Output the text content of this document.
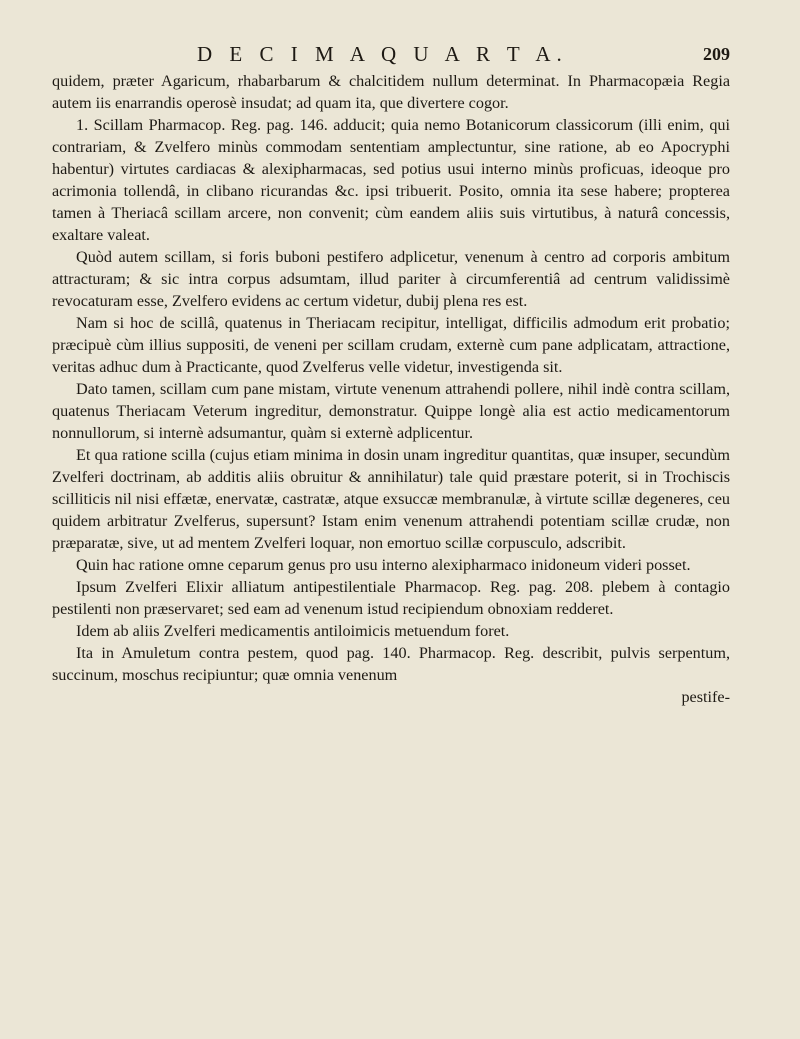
D E C I M A Q U A R T A.	209

quidem, præter Agaricum, rhabarbarum & chalcitidem nullum determinat. In Pharmacopæia Regia autem iis enarrandis operosè insudat; ad quam ita, que divertere cogor.

1. Scillam Pharmacop. Reg. pag. 146. adducit; quia nemo Botanicorum classicorum (illi enim, qui contrariam, & Zvelfero minùs commodam sententiam amplectuntur, sine ratione, ab eo Apocryphi habentur) virtutes cardiacas & alexipharmacas, sed potius usui interno minùs proficuas, ideoque pro acrimonia tollendâ, in clibano ricurandas &c. ipsi tribuerit. Posito, omnia ita sese habere; propterea tamen à Theriacâ scillam arcere, non convenit; cùm eandem aliis suis virtutibus, à naturâ concessis, exaltare valeat.

Quòd autem scillam, si foris buboni pestifero adplicetur, venenum à centro ad corporis ambitum attracturam; & sic intra corpus adsumtam, illud pariter à circumferentiâ ad centrum validissimè revocaturam esse, Zvelfero evidens ac certum videtur, dubij plena res est.

Nam si hoc de scillâ, quatenus in Theriacam recipitur, intelligat, difficilis admodum erit probatio; præcipuè cùm illius suppositi, de veneni per scillam crudam, externè cum pane adplicatam, attractione, veritas adhuc dum à Practicante, quod Zvelferus velle videtur, investigenda sit.

Dato tamen, scillam cum pane mistam, virtute venenum attrahendi pollere, nihil indè contra scillam, quatenus Theriacam Veterum ingreditur, demonstratur. Quippe longè alia est actio medicamentorum nonnullorum, si internè adsumantur, quàm si externè adplicentur.

Et qua ratione scilla (cujus etiam minima in dosin unam ingreditur quantitas, quæ insuper, secundùm Zvelferi doctrinam, ab additis aliis obruitur & annihilatur) tale quid præstare poterit, si in Trochiscis scilliticis nil nisi effætæ, enervatæ, castratæ, atque exsuccæ membranulæ, à virtute scillæ degeneres, ceu quidem arbitratur Zvelferus, supersunt? Istam enim venenum attrahendi potentiam scillæ crudæ, non præparatæ, sive, ut ad mentem Zvelferi loquar, non emortuo scillæ corpusculo, adscribit.

Quin hac ratione omne ceparum genus pro usu interno alexipharmaco inidoneum videri posset.

Ipsum Zvelferi Elixir alliatum antipestilentiale Pharmacop. Reg. pag. 208. plebem à contagio pestilenti non præservaret; sed eam ad venenum istud recipiendum obnoxiam redderet.

Idem ab aliis Zvelferi medicamentis antiloimicis metuendum foret.

Ita in Amuletum contra pestem, quod pag. 140. Pharmacop. Reg. describit, pulvis serpentum, succinum, moschus recipiuntur; quæ omnia venenum

pestife-
